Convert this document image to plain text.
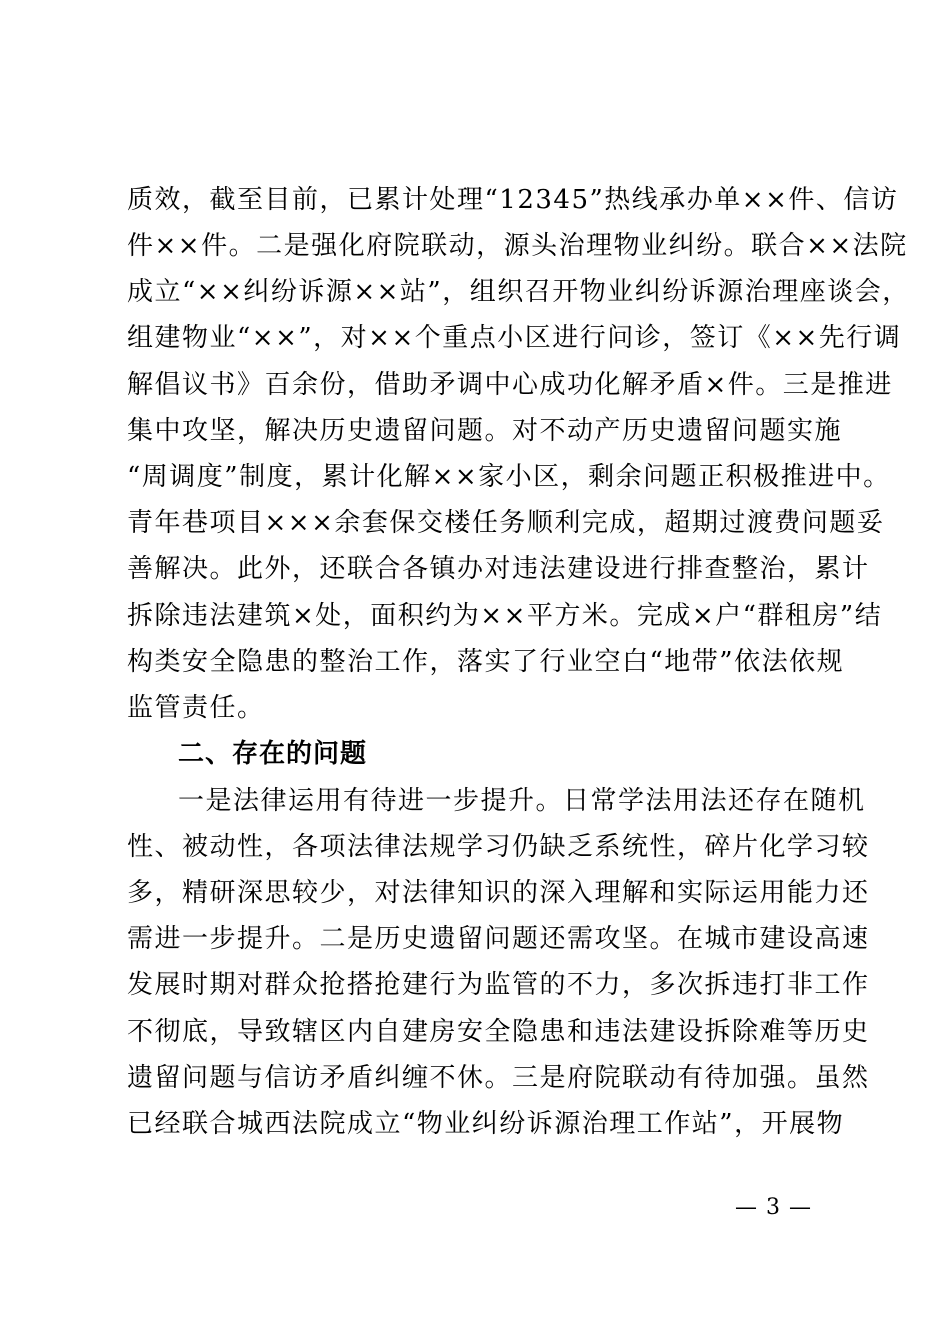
质效，截至目前，已累计处理“12345”热线承办单××件、信访
件××件。二是强化府院联动，源头治理物业纠纷。联合××法院
成立“××纠纷诉源××站”，组织召开物业纠纷诉源治理座谈会，
组建物业“××”，对××个重点小区进行问诊，签订《××先行调
解倡议书》百余份，借助矛调中心成功化解矛盾×件。三是推进
集中攻坚，解决历史遗留问题。对不动产历史遗留问题实施
“周调度”制度，累计化解××家小区，剩余问题正积极推进中。
青年巷项目×××余套保交楼任务顺利完成，超期过渡费问题妥
善解决。此外，还联合各镇办对违法建设进行排查整治，累计
拆除违法建筑×处，面积约为××平方米。完成×户“群租房”结
构类安全隐患的整治工作，落实了行业空白“地带”依法依规
监管责任。
二、存在的问题
一是法律运用有待进一步提升。日常学法用法还存在随机
性、被动性，各项法律法规学习仍缺乏系统性，碎片化学习较
多，精研深思较少，对法律知识的深入理解和实际运用能力还
需进一步提升。二是历史遗留问题还需攻坚。在城市建设高速
发展时期对群众抢搭抢建行为监管的不力，多次拆违打非工作
不彻底，导致辖区内自建房安全隐患和违法建设拆除难等历史
遗留问题与信访矛盾纠缠不休。三是府院联动有待加强。虽然
已经联合城西法院成立“物业纠纷诉源治理工作站”，开展物
— 3 —
